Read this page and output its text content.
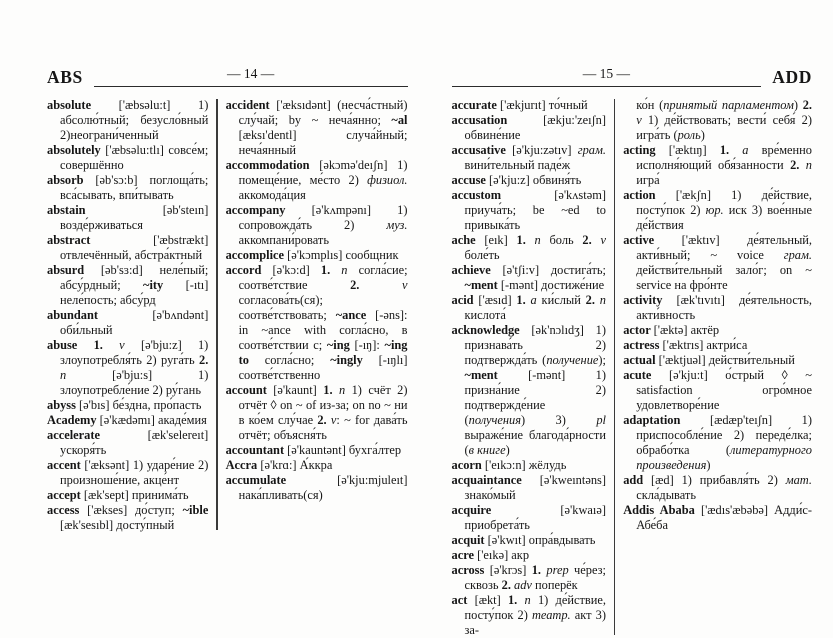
ABS	— 14 —
absolute ['æbsəlu:t] 1) абсолю́тный; безусло́вный 2)неограни́ченный
absolutely ['æbsəlu:tlı] совсе́м; совершённо
absorb [əb'sɔ:b] поглоща́ть; вса́сывать, впи́тывать
abstain [əb'steın] возде́рживаться
abstract ['æbstrækt] отвлечённый, абстра́ктный
absurd [əb'sɜ:d] неле́пый; абсу́рдный; ~ity [-ıtı] неле́пость; абсу́рд
abundant [ə'bʌndənt] оби́льный
abuse 1. v [ə'bju:z] 1) злоупотребля́ть 2) руга́ть 2. n [ə'bju:s] 1) злоупотребле́ние 2) ру́гань
abyss [ə'bıs] бе́здна, про́пасть
Academy [ə'kædəmı] акаде́мия
accelerate [æk'selereıt] ускоря́ть
accent ['æksənt] 1) ударе́ние 2) произноше́ние, акце́нт
accept [æk'sept] принима́ть
access ['ækses] до́ступ; ~ible [æk'sesıbl] досту́пный
accident ['æksıdənt] (несча́стный) слу́чай; by ~ неча́янно; ~al [æksı'dentl] случа́йный; неча́янный
accommodation [əkɔmə'deıʃn] 1) помеще́ние, ме́сто 2) физиол. аккомода́ция
accompany [ə'kʌmpənı] 1) сопровожда́ть 2) муз. аккомпани́ровать
accomplice [ə'kɔmplıs] сообщник
accord [ə'kɔ:d] 1. n согла́сие; соотве́тствие 2. v согласова́ть(ся); соотве́тствовать; ~ance [-əns]: in ~ance with согла́сно, в соотве́тствии с; ~ing [-ıŋ]: ~ing to согла́сно; ~ingly [-ıŋlı] соотве́тственно
account [ə'kaunt] 1. n 1) счёт 2) отчёт ◊ on ~ of из-за; on no ~ ни в ко́ем слу́чае 2. v: ~ for дава́ть отчёт; объясня́ть
accountant [ə'kauntənt] бухга́лтер
Accra [ə'krɑ:] А́ккра
accumulate [ə'kju:mjuleıt] нака́пливать(ся)
— 15 —	ADD
accurate ['ækjurıt] то́чный
accusation [ækju:'zeıʃn] обвине́ние
accusative [ə'kju:zətıv] грам. вини́тельный паде́ж
accuse [ə'kju:z] обвиня́ть
accustom [ə'kʌstəm] приуча́ть; be ~ed to привыка́ть
ache [eık] 1. n боль 2. v боле́ть
achieve [ə'tʃi:v] достига́ть; ~ment [-mənt] достиже́ние
acid ['æsıd] 1. a ки́слый 2. n кислота́
acknowledge [ək'nɔlıdʒ] 1) признава́ть 2) подтвержда́ть (получение); ~ment [-mənt] 1) призна́ние 2) подтвержде́ние (получения) 3) pl выраже́ние благода́рности (в книге)
acorn ['eıkɔ:n] жёлудь
acquaintance [ə'kweıntəns] знако́мый
acquire [ə'kwaıə] приобрета́ть
acquit [ə'kwıt] опра́вдывать
acre ['eıkə] акр
across [ə'krɔs] 1. prep че́рез; сквозь 2. adv поперёк
act [ækt] 1. n 1) де́йствие, посту́пок 2) театр. акт 3) за-
ко́н (принятый парламентом) 2. v 1) де́йствовать; вести́ себя́ 2) игра́ть (роль)
acting ['æktıŋ] 1. a вре́менно исполня́ющий обя́занности 2. n игра́
action ['ækʃn] 1) де́йствие, посту́пок 2) юр. иск 3) вое́нные де́йствия
active ['æktıv] де́ятельный, акти́вный; ~ voice грам. действи́тельный зало́г; on ~ service на фро́нте
activity [æk'tıvıtı] де́ятельность, акти́вность
actor ['æktə] актёр
actress ['æktrıs] актри́са
actual ['æktjuəl] действи́тельный
acute [ə'kju:t] о́стрый ◊ ~ satisfaction огро́мное удовлетворе́ние
adaptation [ædæp'teıʃn] 1) приспособле́ние 2) переде́лка; обрабо́тка (литературного произведения)
add [æd] 1) прибавля́ть 2) мат. скла́дывать
Addis Ababa ['ædıs'æbəbə] Адди́с-Абе́ба
